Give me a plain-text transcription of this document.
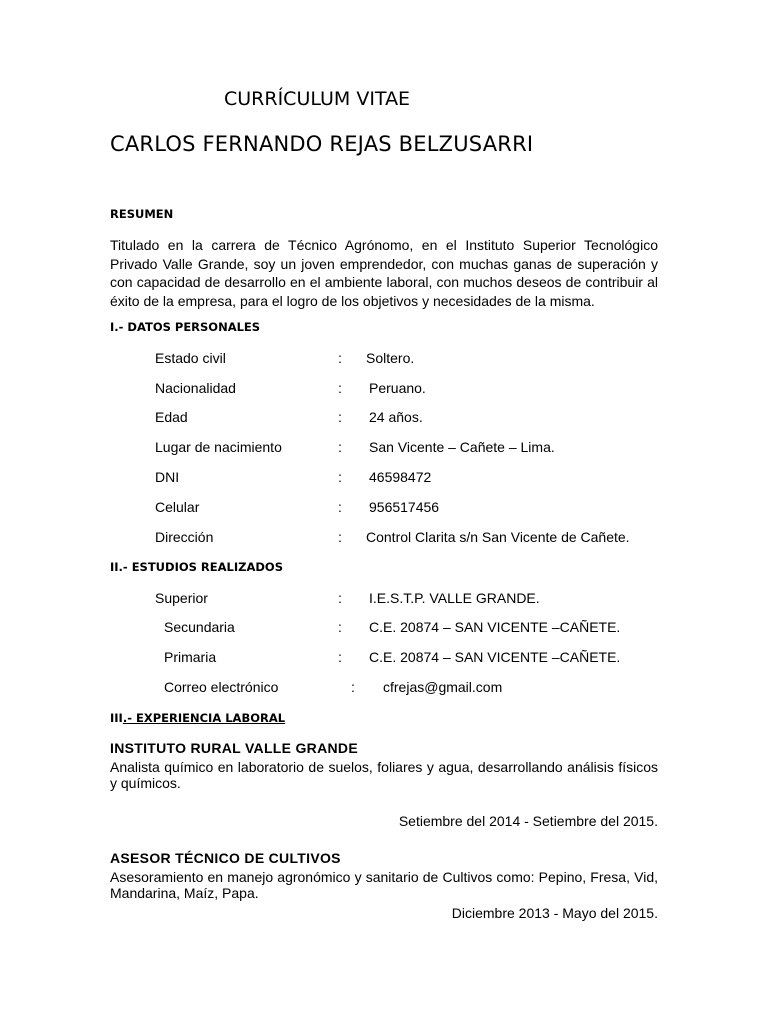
CURRÍCULUM VITAE
CARLOS FERNANDO REJAS BELZUSARRI
RESUMEN
Titulado en la carrera de Técnico Agrónomo, en el Instituto Superior Tecnológico Privado Valle Grande, soy un joven emprendedor, con muchas ganas de superación y con capacidad de desarrollo en el ambiente laboral, con muchos deseos de contribuir al éxito de la empresa, para el logro de los objetivos y necesidades de la misma.
I.- DATOS PERSONALES
Estado civil	: Soltero.
Nacionalidad	: Peruano.
Edad	: 24 años.
Lugar de nacimiento	: San Vicente – Cañete – Lima.
DNI	: 46598472
Celular	: 956517456
Dirección	: Control Clarita s/n San Vicente de Cañete.
II.- ESTUDIOS REALIZADOS
Superior	: I.E.S.T.P. VALLE GRANDE.
Secundaria	: C.E. 20874 – SAN VICENTE –CAÑETE.
Primaria	: C.E. 20874 – SAN VICENTE –CAÑETE.
Correo electrónico	: cfrejas@gmail.com
III.- EXPERIENCIA LABORAL
INSTITUTO RURAL VALLE GRANDE
Analista químico en laboratorio de suelos, foliares y agua, desarrollando análisis físicos y químicos.
Setiembre del 2014 - Setiembre del 2015.
ASESOR TÉCNICO DE CULTIVOS
Asesoramiento en manejo agronómico y sanitario de Cultivos como: Pepino, Fresa, Vid, Mandarina, Maíz, Papa.
Diciembre 2013 - Mayo del 2015.
